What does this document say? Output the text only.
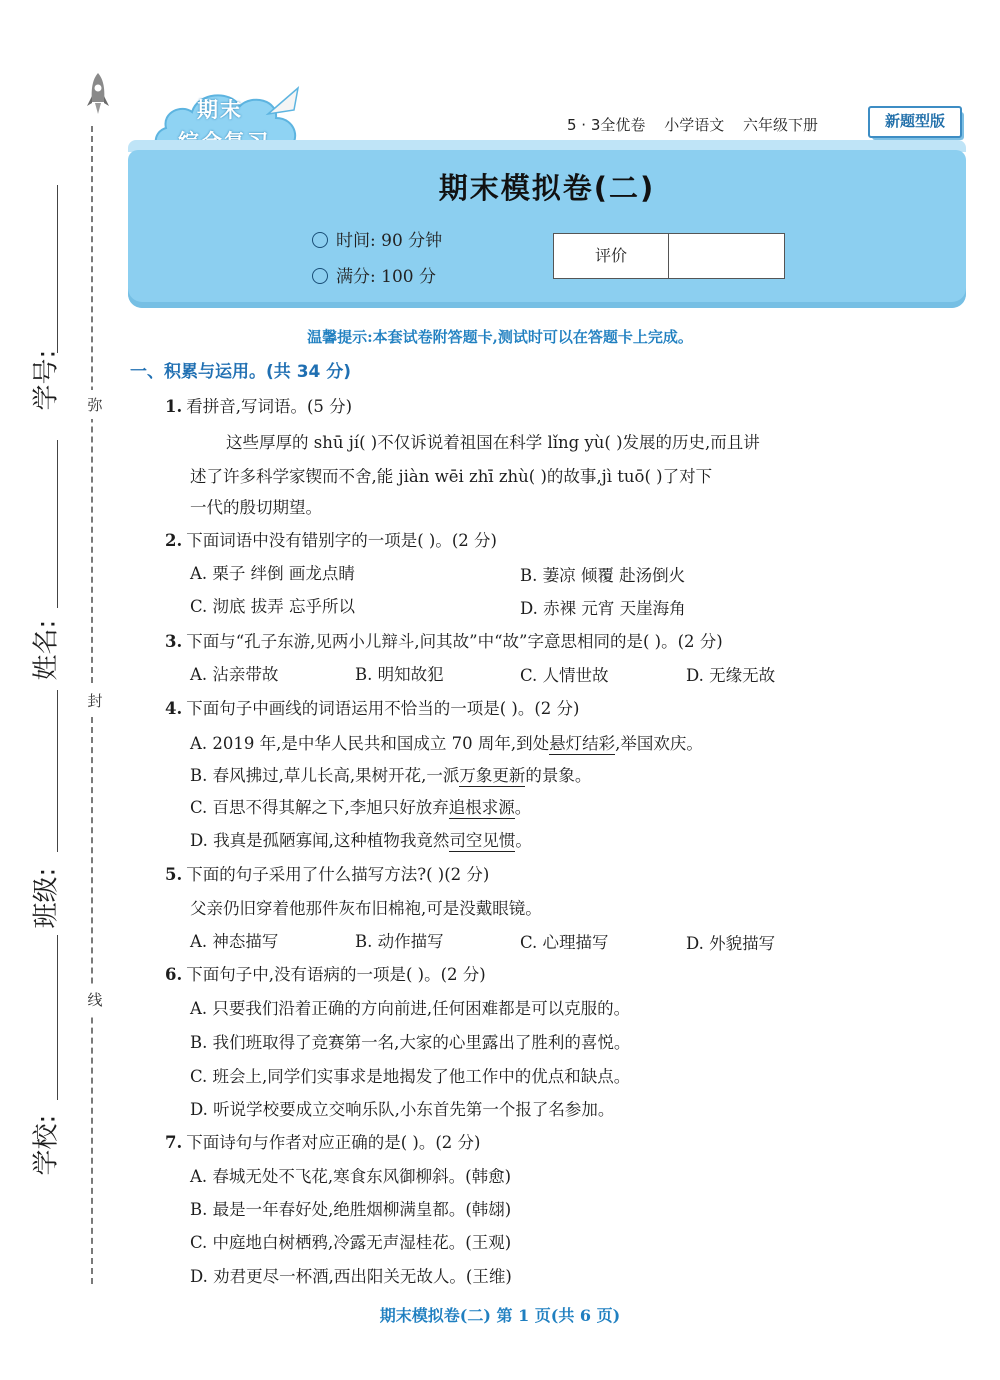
弥
封
线
学号:
姓名:
班级:
学校:
期末
5 · 3全优卷 小学语文 六年级下册	新题型版
期末模拟卷(二)
时间: 90 分钟
满分: 100 分
评价
温馨提示:本套试卷附答题卡,测试时可以在答题卡上完成。
一、积累与运用。(共 34 分)
1. 看拼音,写词语。(5 分)
这些厚厚的 shū jí( )不仅诉说着祖国在科学 lǐng yù( )发展的历史,而且讲
述了许多科学家锲而不舍,能 jiàn wēi zhī zhù( )的故事,jì tuō( )了对下
一代的殷切期望。
2. 下面词语中没有错别字的一项是( )。(2 分)
A. 栗子 绊倒 画龙点睛	B. 萋凉 倾覆 赴汤倒火
C. 沏底 拔弄 忘乎所以	D. 赤裸 元宵 天崖海角
3. 下面与“孔子东游,见两小儿辩斗,问其故”中“故”字意思相同的是( )。(2 分)
A. 沾亲带故	B. 明知故犯	C. 人情世故	D. 无缘无故
4. 下面句子中画线的词语运用不恰当的一项是( )。(2 分)
A. 2019 年,是中华人民共和国成立 70 周年,到处悬灯结彩,举国欢庆。
B. 春风拂过,草儿长高,果树开花,一派万象更新的景象。
C. 百思不得其解之下,李旭只好放弃追根求源。
D. 我真是孤陋寡闻,这种植物我竟然司空见惯。
5. 下面的句子采用了什么描写方法?( )(2 分)
父亲仍旧穿着他那件灰布旧棉袍,可是没戴眼镜。
A. 神态描写	B. 动作描写	C. 心理描写	D. 外貌描写
6. 下面句子中,没有语病的一项是( )。(2 分)
A. 只要我们沿着正确的方向前进,任何困难都是可以克服的。
B. 我们班取得了竞赛第一名,大家的心里露出了胜利的喜悦。
C. 班会上,同学们实事求是地揭发了他工作中的优点和缺点。
D. 听说学校要成立交响乐队,小东首先第一个报了名参加。
7. 下面诗句与作者对应正确的是( )。(2 分)
A. 春城无处不飞花,寒食东风御柳斜。(韩愈)
B. 最是一年春好处,绝胜烟柳满皇都。(韩翃)
C. 中庭地白树栖鸦,冷露无声湿桂花。(王观)
D. 劝君更尽一杯酒,西出阳关无故人。(王维)
期末模拟卷(二) 第 1 页(共 6 页)
